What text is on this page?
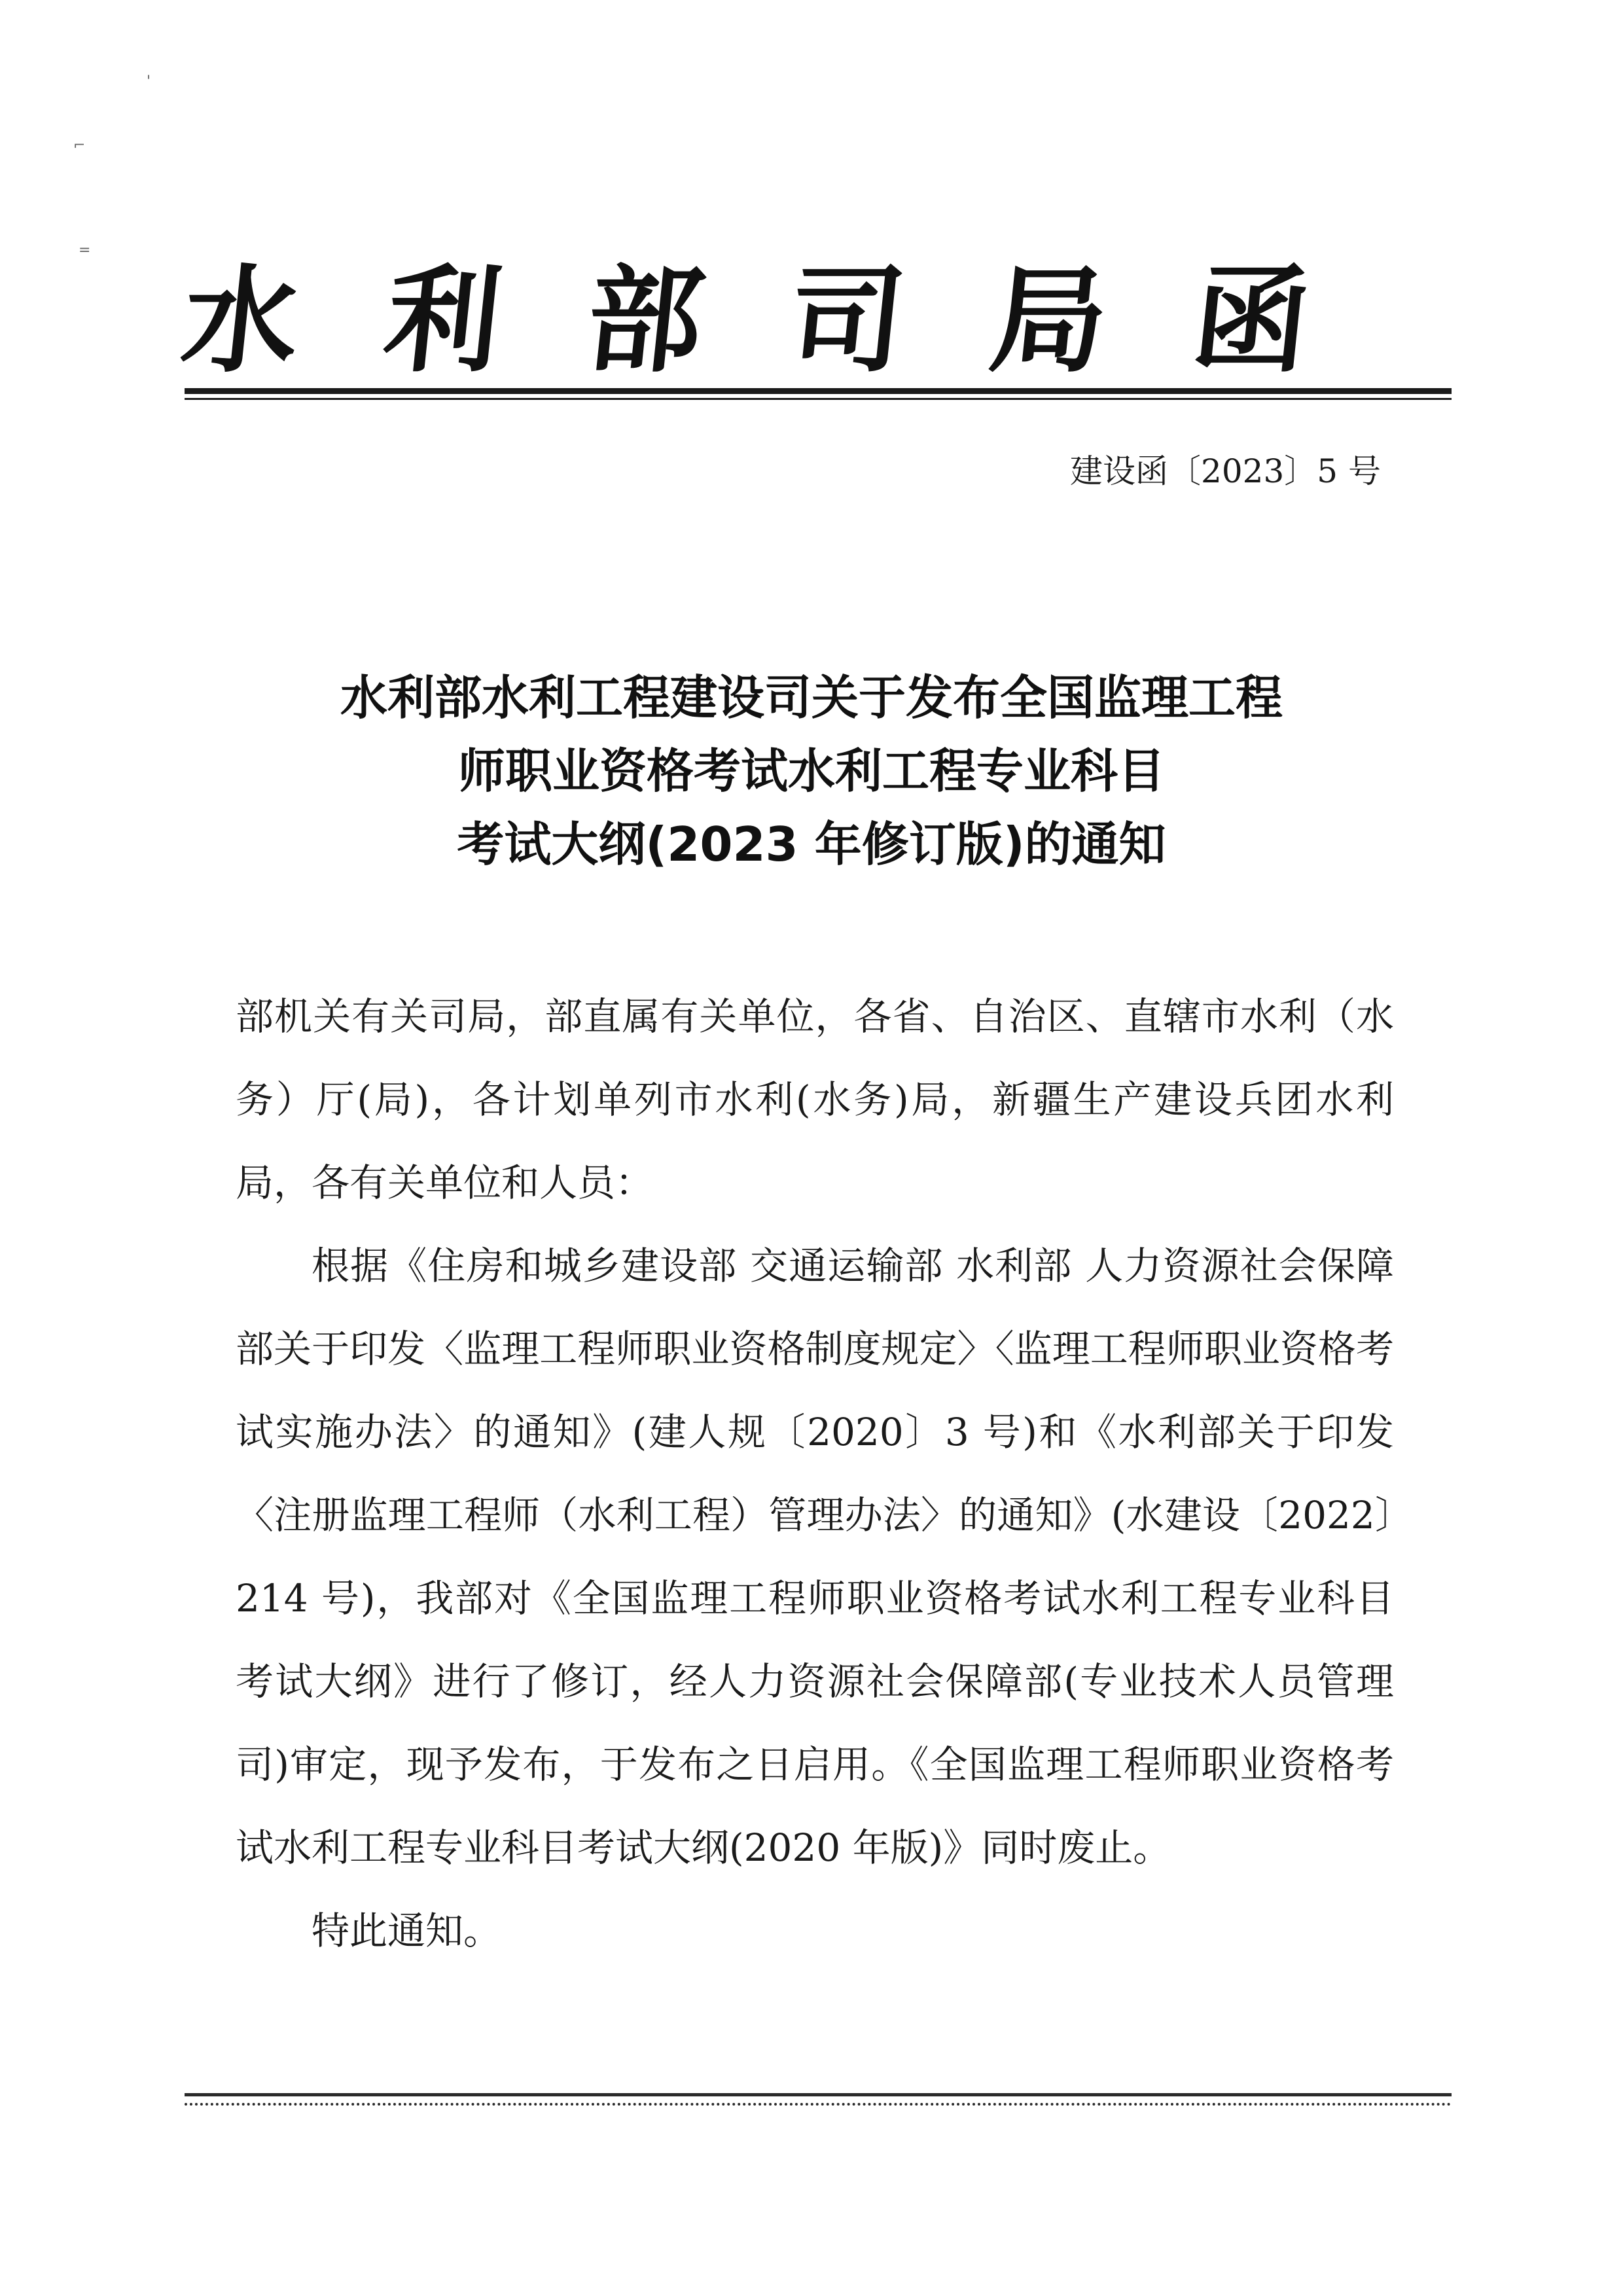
'
⌐
=
水 利 部 司 局 函
建设函〔2023〕5 号
水利部水利工程建设司关于发布全国监理工程
师职业资格考试水利工程专业科目
考试大纲(2023 年修订版)的通知

部机关有关司局，部直属有关单位，各省、自治区、直辖市水利（水务）厅(局)，各计划单列市水利(水务)局，新疆生产建设兵团水利局，各有关单位和人员：

根据《住房和城乡建设部 交通运输部 水利部 人力资源社会保障部关于印发〈监理工程师职业资格制度规定〉〈监理工程师职业资格考试实施办法〉的通知》(建人规〔2020〕3 号)和《水利部关于印发〈注册监理工程师（水利工程）管理办法〉的通知》(水建设〔2022〕214 号)，我部对《全国监理工程师职业资格考试水利工程专业科目考试大纲》进行了修订，经人力资源社会保障部(专业技术人员管理司)审定，现予发布，于发布之日启用。《全国监理工程师职业资格考试水利工程专业科目考试大纲(2020 年版)》同时废止。

特此通知。
